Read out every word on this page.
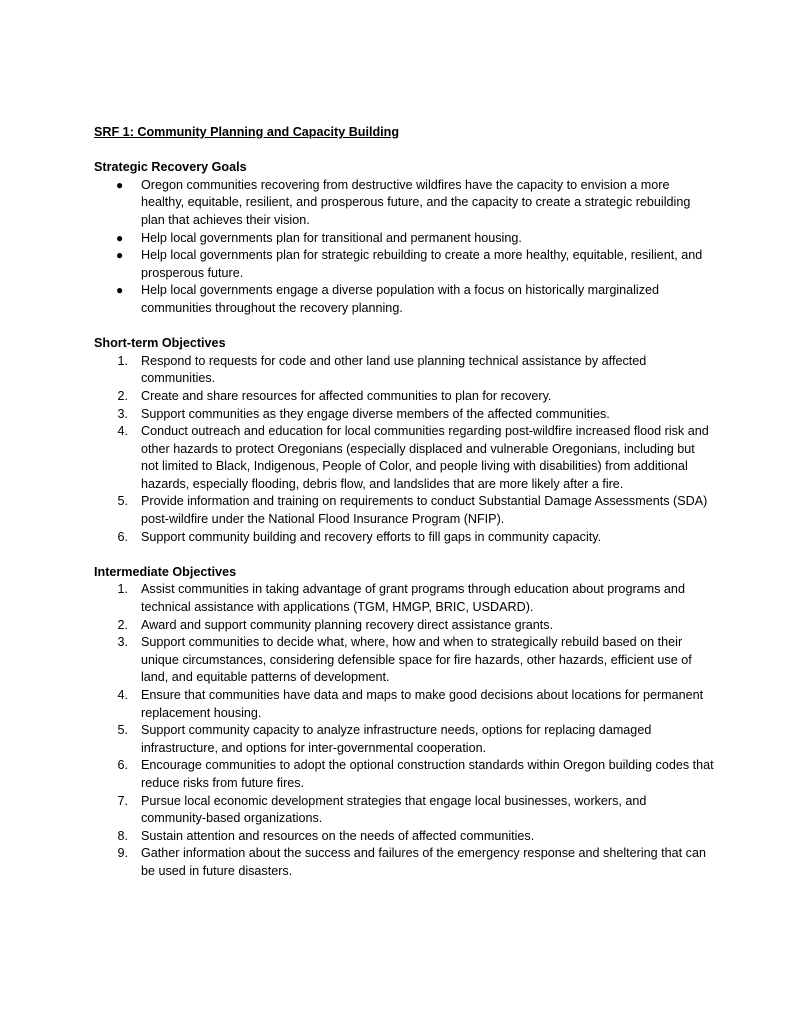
SRF 1: Community Planning and Capacity Building

Strategic Recovery Goals

● Oregon communities recovering from destructive wildfires have the capacity to envision a more healthy, equitable, resilient, and prosperous future, and the capacity to create a strategic rebuilding plan that achieves their vision.
● Help local governments plan for transitional and permanent housing.
● Help local governments plan for strategic rebuilding to create a more healthy, equitable, resilient, and prosperous future.
● Help local governments engage a diverse population with a focus on historically marginalized communities throughout the recovery planning.

Short-term Objectives

1. Respond to requests for code and other land use planning technical assistance by affected communities.
2. Create and share resources for affected communities to plan for recovery.
3. Support communities as they engage diverse members of the affected communities.
4. Conduct outreach and education for local communities regarding post-wildfire increased flood risk and other hazards to protect Oregonians (especially displaced and vulnerable Oregonians, including but not limited to Black, Indigenous, People of Color, and people living with disabilities) from additional hazards, especially flooding, debris flow, and landslides that are more likely after a fire.
5. Provide information and training on requirements to conduct Substantial Damage Assessments (SDA) post-wildfire under the National Flood Insurance Program (NFIP).
6. Support community building and recovery efforts to fill gaps in community capacity.

Intermediate Objectives

1. Assist communities in taking advantage of grant programs through education about programs and technical assistance with applications (TGM, HMGP, BRIC, USDARD).
2. Award and support community planning recovery direct assistance grants.
3. Support communities to decide what, where, how and when to strategically rebuild based on their unique circumstances, considering defensible space for fire hazards, other hazards, efficient use of land, and equitable patterns of development.
4. Ensure that communities have data and maps to make good decisions about locations for permanent replacement housing.
5. Support community capacity to analyze infrastructure needs, options for replacing damaged infrastructure, and options for inter-governmental cooperation.
6. Encourage communities to adopt the optional construction standards within Oregon building codes that reduce risks from future fires.
7. Pursue local economic development strategies that engage local businesses, workers, and community-based organizations.
8. Sustain attention and resources on the needs of affected communities.
9. Gather information about the success and failures of the emergency response and sheltering that can be used in future disasters.
